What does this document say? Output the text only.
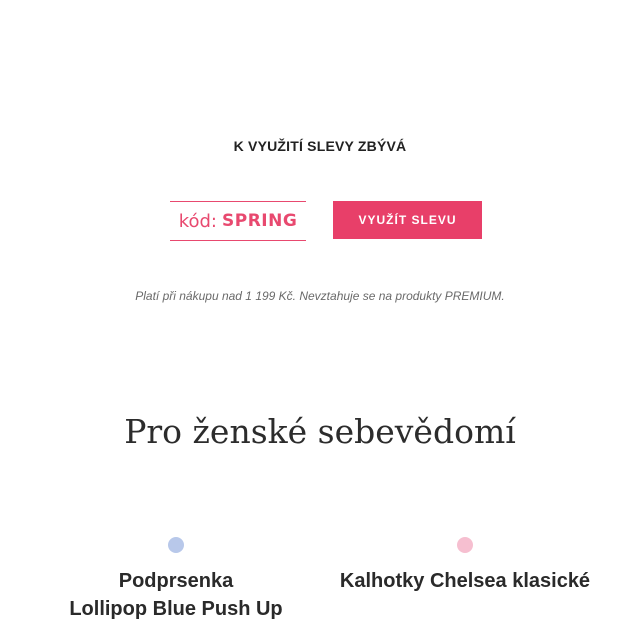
K VYUŽITÍ SLEVY ZBÝVÁ
kód: SPRING	VYUŽÍT SLEVU
Platí při nákupu nad 1 199 Kč. Nevztahuje se na produkty PREMIUM.
Pro ženské sebevědomí
Podprsenka
Lollipop Blue Push Up
Kalhotky Chelsea klasické
